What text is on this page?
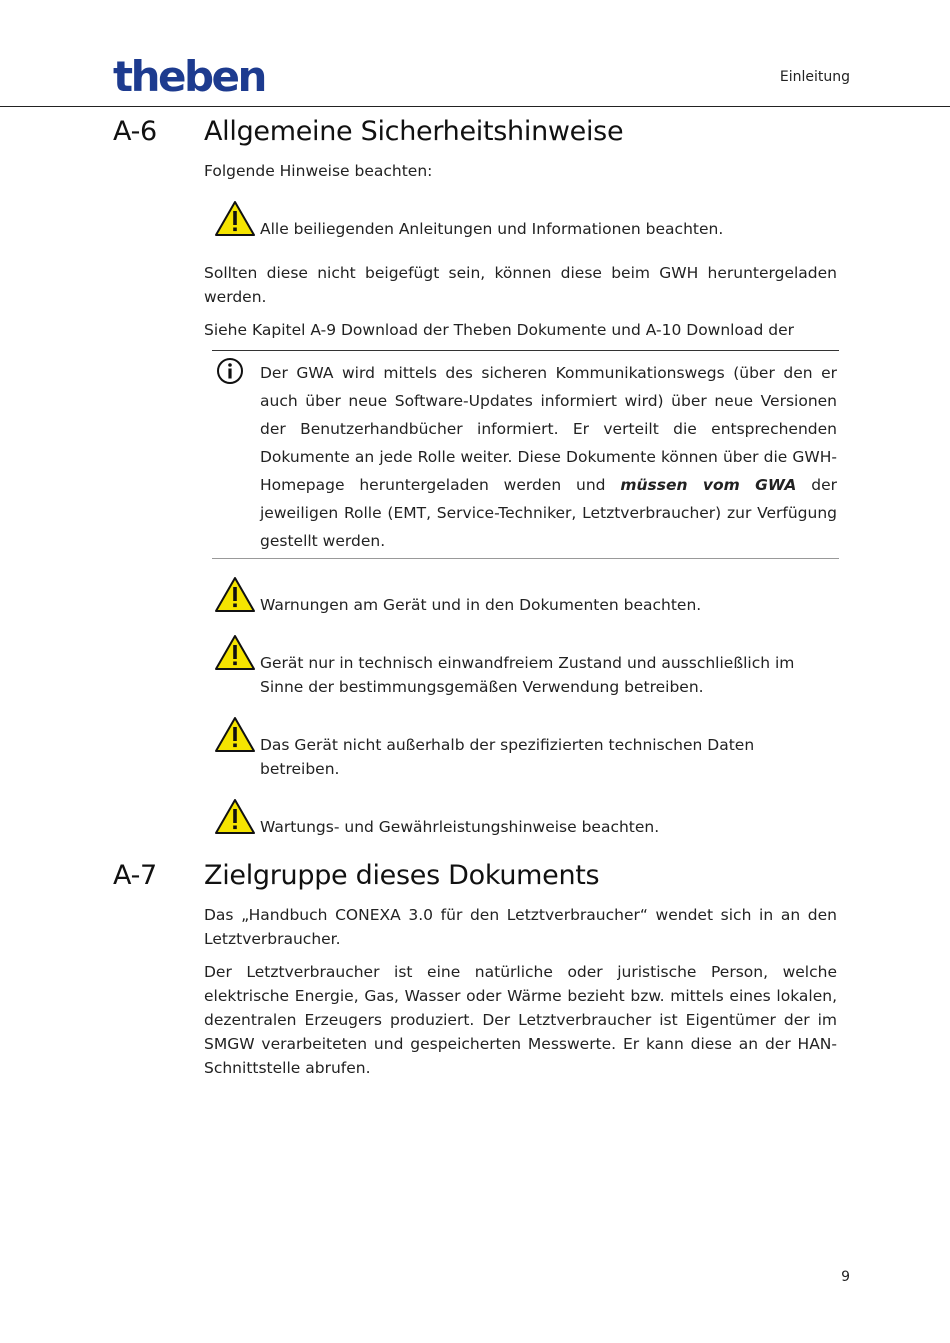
theben	Einleitung
A-6 Allgemeine Sicherheitshinweise

Folgende Hinweise beachten:

Alle beiliegenden Anleitungen und Informationen beachten.

Sollten diese nicht beigefügt sein, können diese beim GWH heruntergeladen werden.

Siehe Kapitel A-9 Download der Theben Dokumente und A-10 Download der

Der GWA wird mittels des sicheren Kommunikationswegs (über den er auch über neue Software-Updates informiert wird) über neue Versionen der Benutzerhandbücher informiert. Er verteilt die entsprechenden Dokumente an jede Rolle weiter. Diese Dokumente können über die GWH-Homepage heruntergeladen werden und müssen vom GWA der jeweiligen Rolle (EMT, Service-Techniker, Letztverbraucher) zur Verfügung gestellt werden.

Warnungen am Gerät und in den Dokumenten beachten.

Gerät nur in technisch einwandfreiem Zustand und ausschließlich im Sinne der bestimmungsgemäßen Verwendung betreiben.

Das Gerät nicht außerhalb der spezifizierten technischen Daten betreiben.

Wartungs- und Gewährleistungshinweise beachten.

A-7 Zielgruppe dieses Dokuments

Das „Handbuch CONEXA 3.0 für den Letztverbraucher“ wendet sich in an den Letztverbraucher.

Der Letztverbraucher ist eine natürliche oder juristische Person, welche elektrische Energie, Gas, Wasser oder Wärme bezieht bzw. mittels eines lokalen, dezentralen Erzeugers produziert. Der Letztverbraucher ist Eigentümer der im SMGW verarbeiteten und gespeicherten Messwerte. Er kann diese an der HAN-Schnittstelle abrufen.

9
